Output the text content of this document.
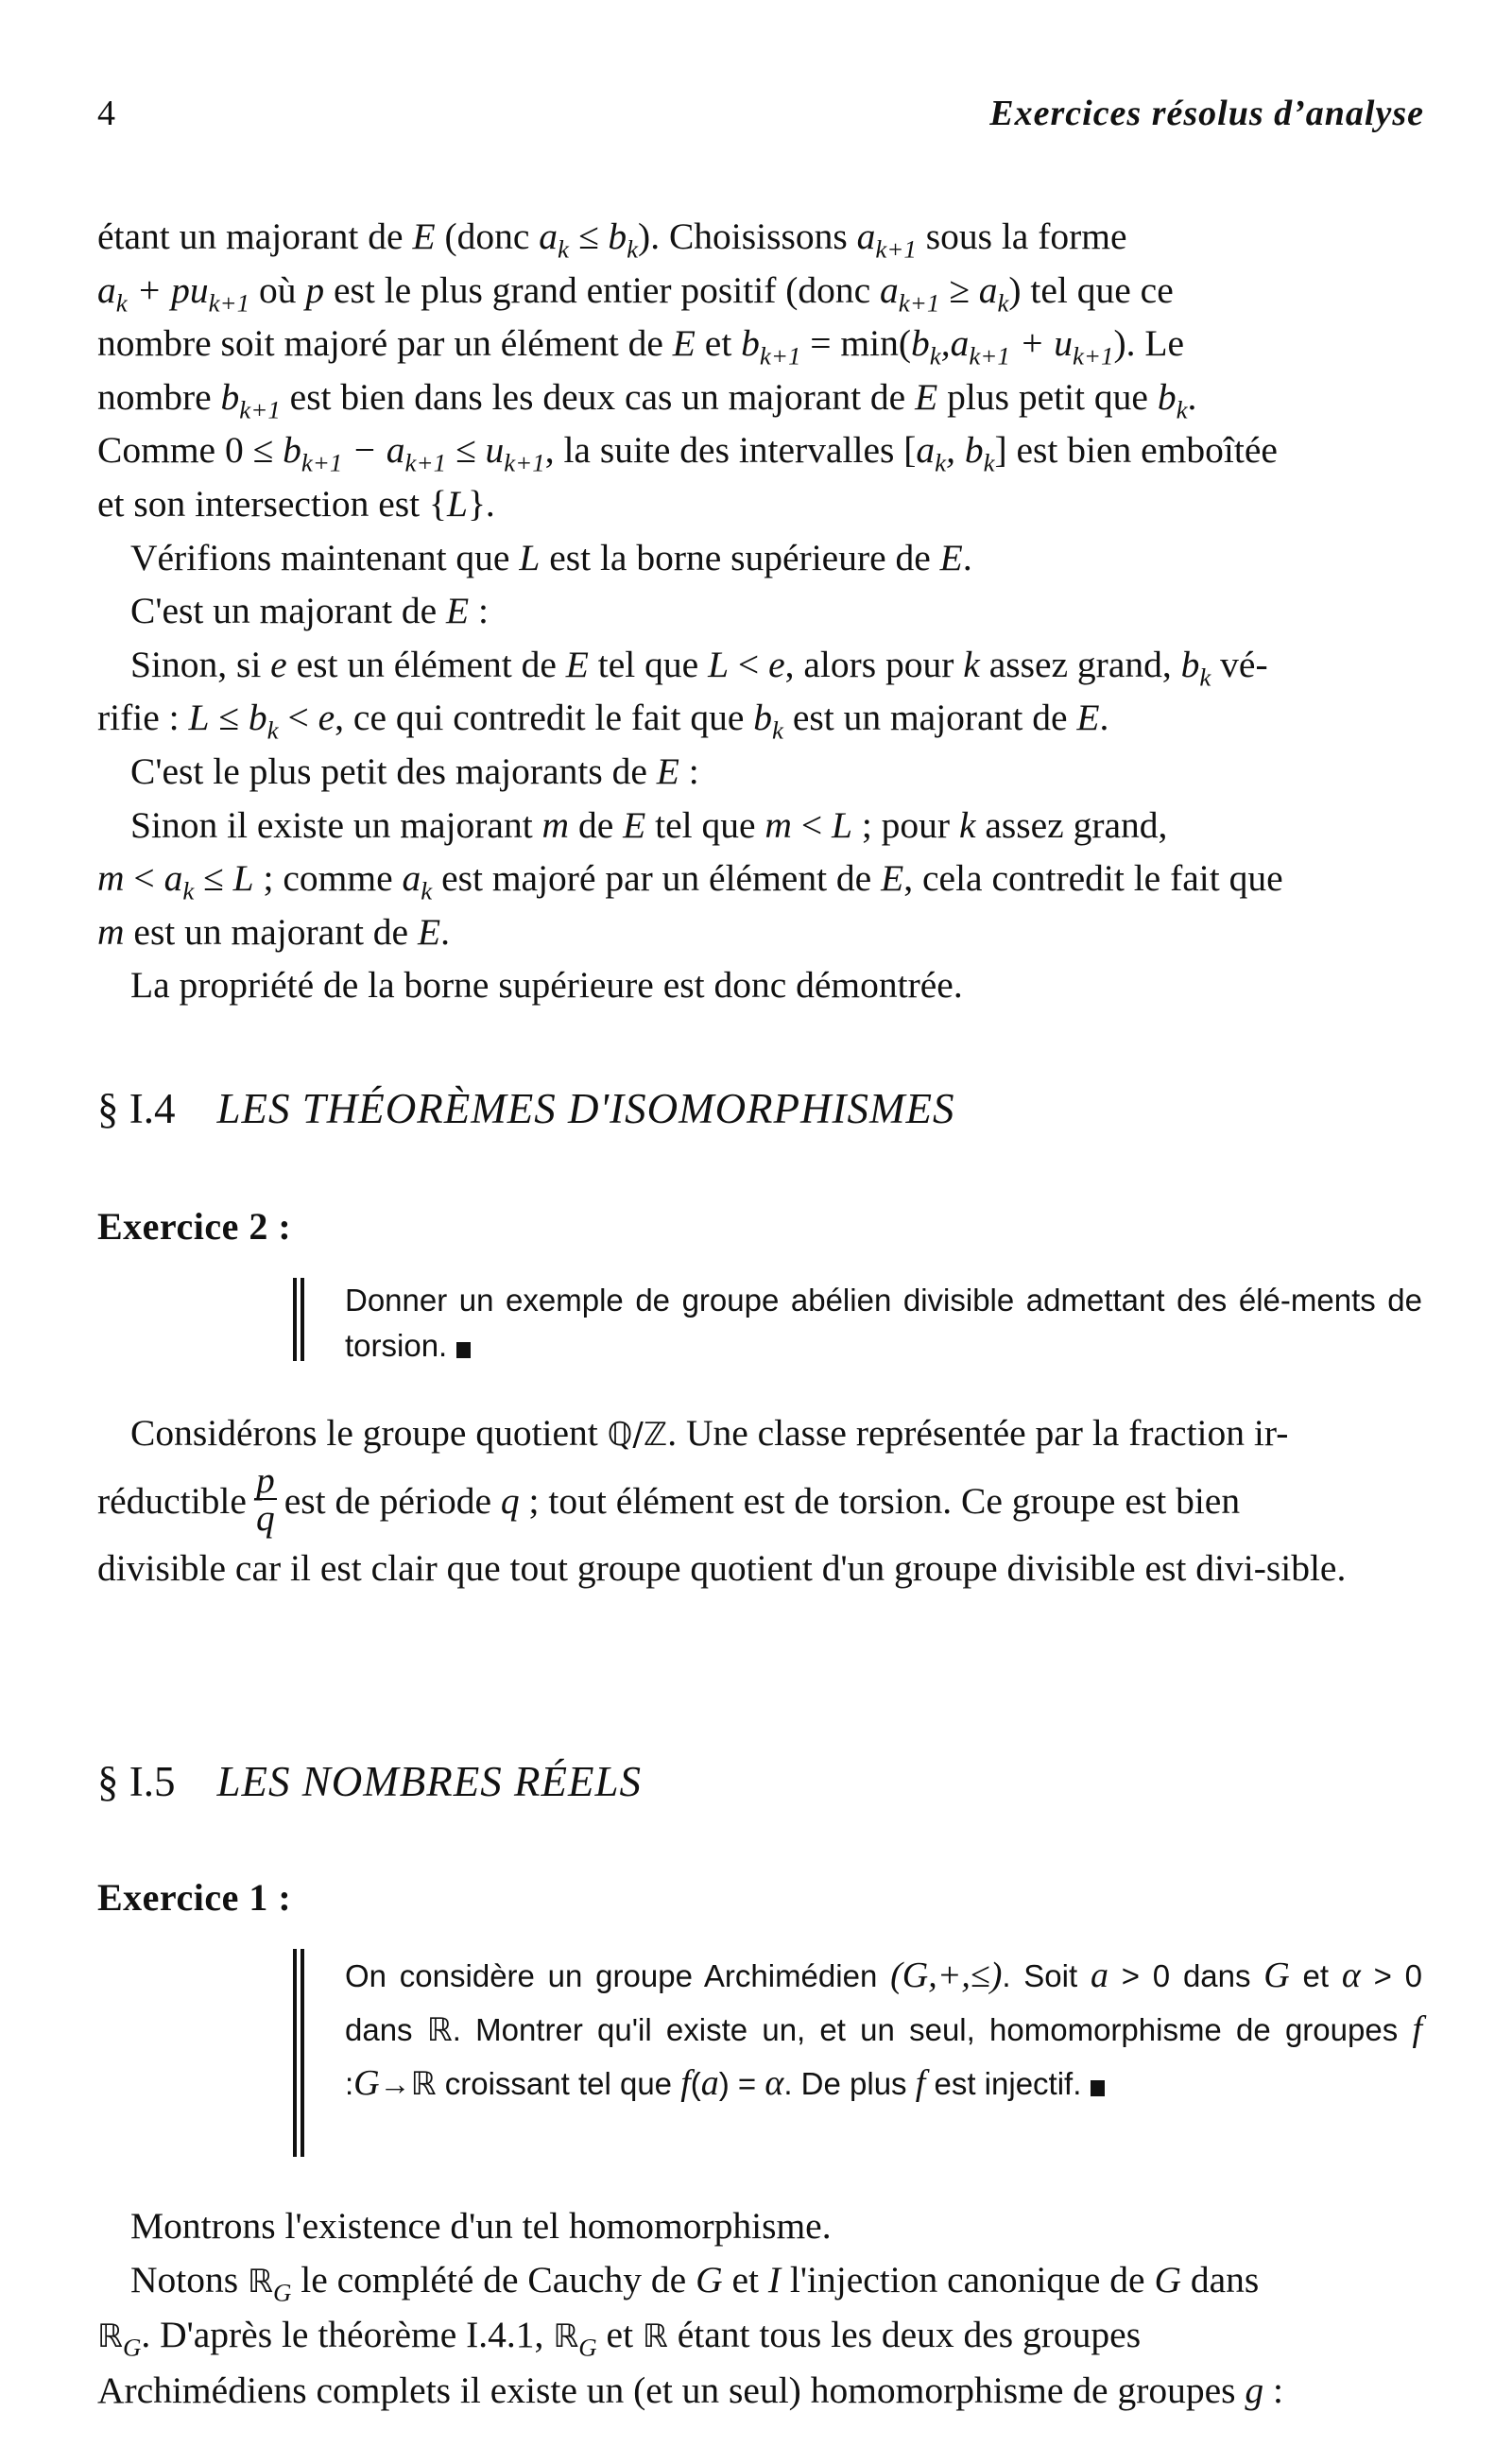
4	Exercices résolus d’analyse

étant un majorant de E (donc $a_k \le b_k$). Choisissons $a_{k+1}$ sous la forme

$a_k + pu_{k+1}$ où p est le plus grand entier positif (donc $a_{k+1} \ge a_k$) tel que ce

nombre soit majoré par un élément de E et $b_{k+1} = \min(b_k,a_{k+1} + u_{k+1})$. Le

nombre $b_{k+1}$ est bien dans les deux cas un majorant de E plus petit que $b_k$.

Comme $0 \le b_{k+1} - a_{k+1} \le u_{k+1}$, la suite des intervalles [$a_k$, $b_k$] est bien emboîtée

et son intersection est {L}.

Vérifions maintenant que L est la borne supérieure de E.

C'est un majorant de E :

Sinon, si e est un élément de E tel que L < e, alors pour k assez grand, $b_k$ vé-

rifie : $L \le b_k < e$, ce qui contredit le fait que $b_k$ est un majorant de E.

C'est le plus petit des majorants de E :

Sinon il existe un majorant m de E tel que m < L ; pour k assez grand,

$m < a_k \le L$ ; comme $a_k$ est majoré par un élément de E, cela contredit le fait que

m est un majorant de E.

La propriété de la borne supérieure est donc démontrée.

§ I.4 LES THÉORÈMES D'ISOMORPHISMES
Exercice 2 :
Donner un exemple de groupe abélien divisible admettant des élé-ments de torsion.

Considérons le groupe quotient ℚ/ℤ. Une classe représentée par la fraction ir-

réductible $\frac{p}{q}$ est de période q ; tout élément est de torsion. Ce groupe est bien

divisible car il est clair que tout groupe quotient d'un groupe divisible est divi-sible.

§ I.5 LES NOMBRES RÉELS
Exercice 1 :
On considère un groupe Archimédien (G,+,≤). Soit a > 0 dans G et α > 0 dans ℝ. Montrer qu'il existe un, et un seul, homomorphisme de groupes f :G→ℝ croissant tel que f(a) = α. De plus f est injectif.

Montrons l'existence d'un tel homomorphisme.

Notons ℝ$_G$ le complété de Cauchy de G et I l'injection canonique de G dans

ℝ$_G$. D'après le théorème I.4.1, ℝ$_G$ et ℝ étant tous les deux des groupes

Archimédiens complets il existe un (et un seul) homomorphisme de groupes g :
